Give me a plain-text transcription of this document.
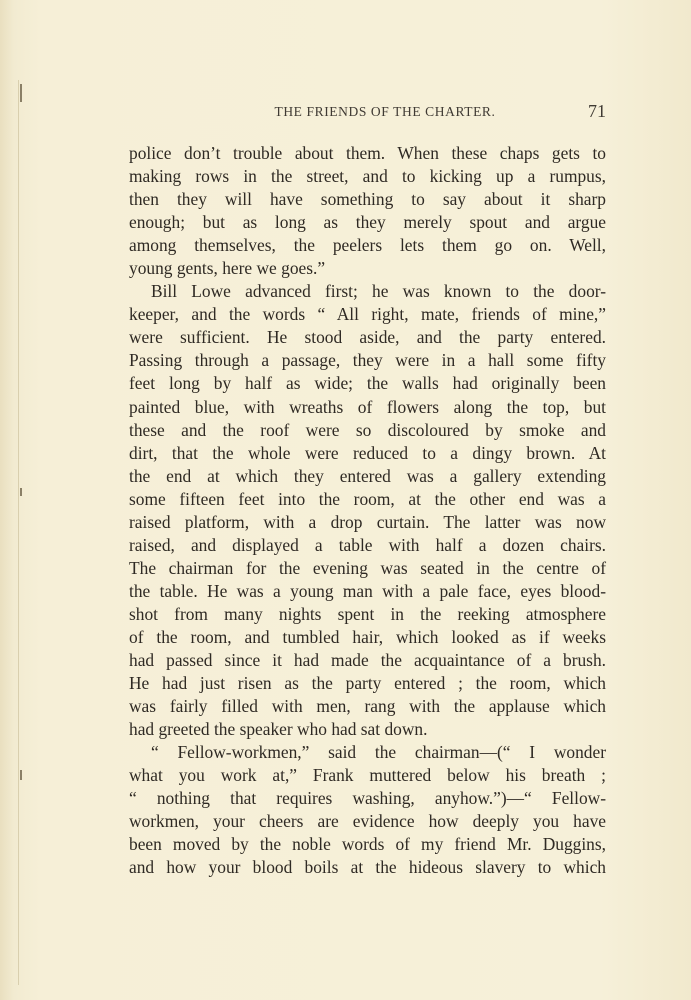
THE FRIENDS OF THE CHARTER.	71
police don’t trouble about them. When these chaps gets to
making rows in the street, and to kicking up a rumpus,
then they will have something to say about it sharp
enough; but as long as they merely spout and argue
among themselves, the peelers lets them go on. Well,
young gents, here we goes.”
Bill Lowe advanced first; he was known to the door-
keeper, and the words “ All right, mate, friends of mine,”
were sufficient. He stood aside, and the party entered.
Passing through a passage, they were in a hall some fifty
feet long by half as wide; the walls had originally been
painted blue, with wreaths of flowers along the top, but
these and the roof were so discoloured by smoke and
dirt, that the whole were reduced to a dingy brown. At
the end at which they entered was a gallery extending
some fifteen feet into the room, at the other end was a
raised platform, with a drop curtain. The latter was now
raised, and displayed a table with half a dozen chairs.
The chairman for the evening was seated in the centre of
the table. He was a young man with a pale face, eyes blood-
shot from many nights spent in the reeking atmosphere
of the room, and tumbled hair, which looked as if weeks
had passed since it had made the acquaintance of a brush.
He had just risen as the party entered ; the room, which
was fairly filled with men, rang with the applause which
had greeted the speaker who had sat down.
“ Fellow-workmen,” said the chairman—(“ I wonder
what you work at,” Frank muttered below his breath ;
“ nothing that requires washing, anyhow.”)—“ Fellow-
workmen, your cheers are evidence how deeply you have
been moved by the noble words of my friend Mr. Duggins,
and how your blood boils at the hideous slavery to which
